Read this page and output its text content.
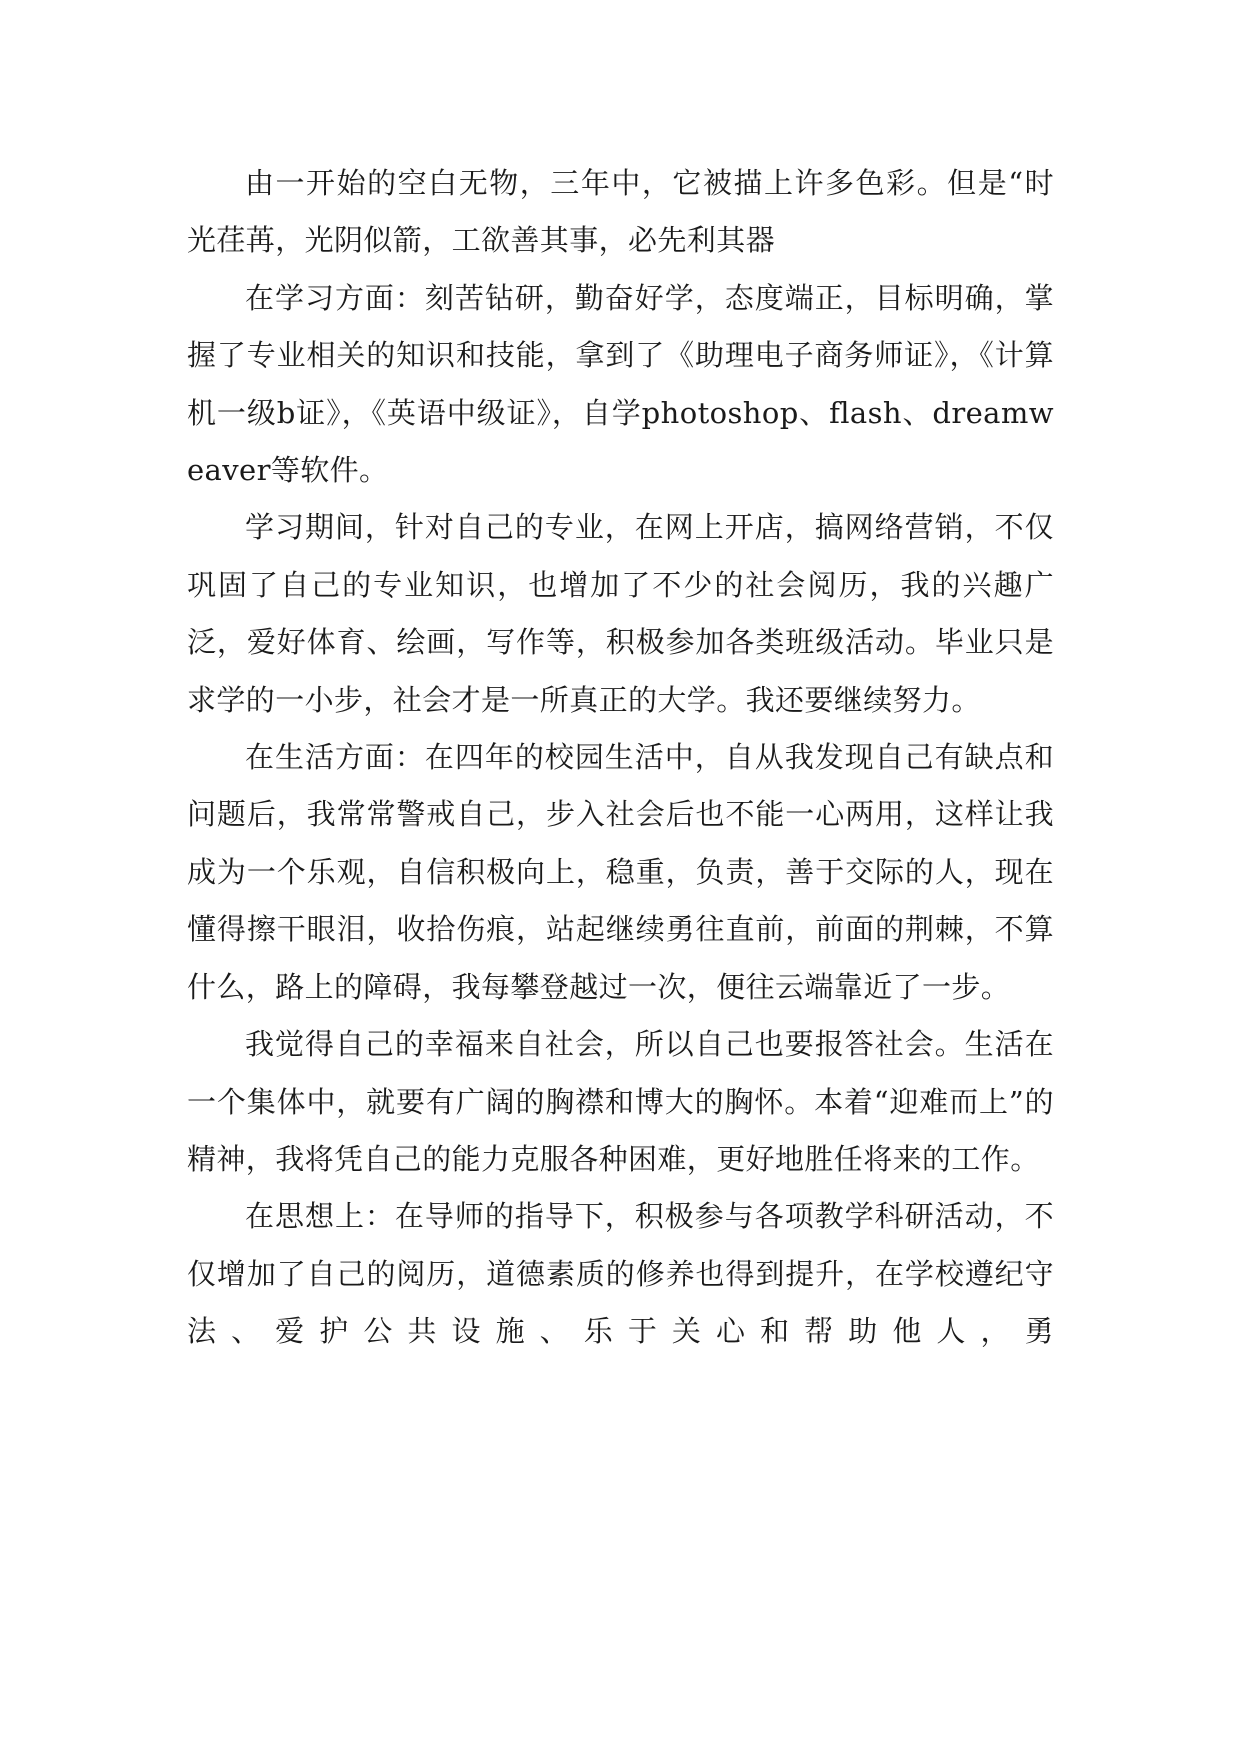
由一开始的空白无物，三年中，它被描上许多色彩。但是“时光荏苒，光阴似箭，工欲善其事，必先利其器

在学习方面：刻苦钻研，勤奋好学，态度端正，目标明确，掌握了专业相关的知识和技能，拿到了《助理电子商务师证》，《计算机一级b证》，《英语中级证》，自学photoshop、flash、dreamweaver等软件。

学习期间，针对自己的专业，在网上开店，搞网络营销，不仅巩固了自己的专业知识，也增加了不少的社会阅历，我的兴趣广泛，爱好体育、绘画，写作等，积极参加各类班级活动。毕业只是求学的一小步，社会才是一所真正的大学。我还要继续努力。

在生活方面：在四年的校园生活中，自从我发现自己有缺点和问题后，我常常警戒自己，步入社会后也不能一心两用，这样让我成为一个乐观，自信积极向上，稳重，负责，善于交际的人，现在懂得擦干眼泪，收拾伤痕，站起继续勇往直前，前面的荆棘，不算什么，路上的障碍，我每攀登越过一次，便往云端靠近了一步。

我觉得自己的幸福来自社会，所以自己也要报答社会。生活在一个集体中，就要有广阔的胸襟和博大的胸怀。本着“迎难而上”的精神，我将凭自己的能力克服各种困难，更好地胜任将来的工作。

在思想上：在导师的指导下，积极参与各项教学科研活动，不仅增加了自己的阅历，道德素质的修养也得到提升，在学校遵纪守法、爱护公共设施、乐于关心和帮助他人，勇
